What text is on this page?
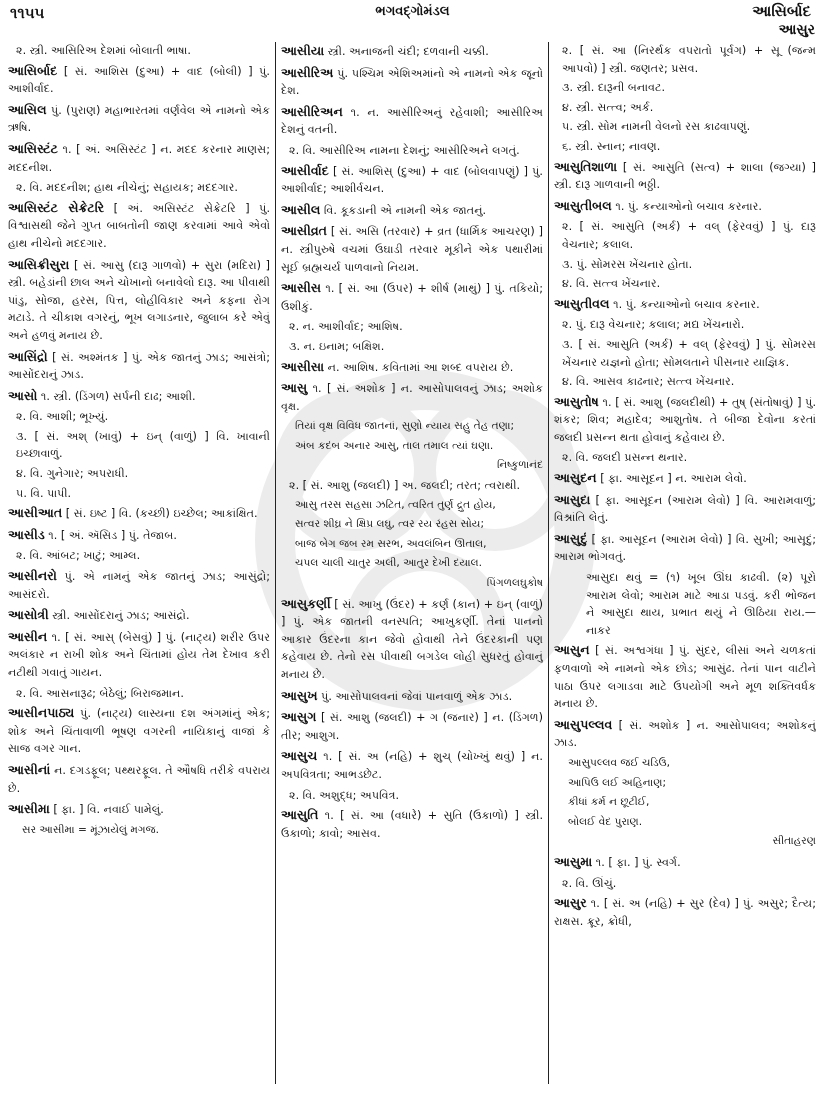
૧૧૫૫	ભગવદ્ગોમંડલ	આસિર્બાદ
આસુર
૨. સ્ત્રી. આસિરિઅ દેશમાં બોલાતી ભાષા.
આસિર્બાદ [ સં. આશિસ (દુઆ) + વાદ (બોલી) ] પું. આશીર્વાદ.
આસિલ પું. (પુરાણ) મહાભારતમાં વર્ણવેલ એ નામનો એક ઋષિ.
આસિસ્ટંટ ૧. [ અં. અસિસ્ટંટ ] ન. મદદ કરનાર માણસ; મદદનીશ.
૨. વિ. મદદનીશ; હાથ નીચેનું; સહાયક; મદદગાર.
આસિસ્ટંટ સેક્રેટરિ [ અં. અસિસ્ટંટ સેક્રેટરિ ] પું. વિશ્વાસથી જેને ગુપ્ત બાબતોની જાણ કરવામાં આવે એવો હાથ નીચેનો મદદગાર.
આસિક્રીસુરા [ સં. આસુ (દારૂ ગાળવો) + સુરા (મદિરા) ] સ્ત્રી. બહેડાંની છાલ અને ચોખાનો બનાવેલો દારૂ. આ પીવાથી પાંડુ, સોજા, હરસ, પિત્ત, લોહીવિકાર અને કફના રોગ મટાડે. તે ચીકાશ વગરનું, ભૂખ લગાડનાર, જુલાબ કરે એવું અને હળવું મનાય છે.
આસિંદ્રો [ સં. અશ્મંતક ] પું. એક જાતનું ઝાડ; આસંત્રો; આસોંદરાનું ઝાડ.
આસો ૧. સ્ત્રી. (ડિંગળ) સર્પની દાઢ; આશી.
૨. વિ. આશી; ભૂખ્યું.
૩. [ સં. અશ્ (ખાવું) + ઇન્ (વાળું) ] વિ. ખાવાની ઇચ્છાવાળું.
૪. વિ. ગુનેગાર; અપરાધી.
૫. વિ. પાપી.
આસીઆત [ સં. ઇષ્ટ ] વિ. (કચ્છી) ઇચ્છેલ; આકાંક્ષિત.
આસીડ ૧. [ અં. ઍસિડ ] પું. તેજાબ.
૨. વિ. આંબટ; ખાટું; આમ્લ.
આસીનરો પું. એ નામનું એક જાતનું ઝાડ; આસુંદ્રો; આસંદરો.
આસોત્રી સ્ત્રી. આસોંદરાનું ઝાડ; આસંદ્રો.
આસીન ૧. [ સં. આસ્ (બેસવું) ] પું. (નાટ્ય) શરીર ઉપર અલંકાર ન રાખી શોક અને ચિંતામાં હોય તેમ દેખાવ કરી નટીથી ગવાતું ગાયન.
૨. વિ. આસનારૂઢ; બેઠેલું; બિરાજમાન.
આસીનપાઠ્ય પું. (નાટ્ય) લાસ્યના દશ અંગમાંનું એક; શોક અને ચિંતાવાળી ભૂષણ વગરની નાયિકાનું વાજાં કે સાજ વગર ગાન.
આસીનાં ન. દગડફૂલ; પથ્થરફૂલ. તે ઔષધિ તરીકે વપરાય છે.
આસીમા [ ફા. ] વિ. નવાઈ પામેલું.
સર આસીમા = મૂંઝાયેલું મગજ.
આસીયા સ્ત્રી. અનાજની ચંદી; દળવાની ચક્કી.
આસીરિઅ પું. પશ્ચિમ એશિઅમાંનો એ નામનો એક જૂનો દેશ.
આસીરિઅન ૧. ન. આસીરિઅનું રહેવાશી; આસીરિઅ દેશનું વતની.
૨. વિ. આસીરિઅ નામના દેશનું; આસીરિઅને લગતું.
આસીર્વાદ [ સં. આશિસ્ (દુઆ) + વાદ (બોલવાપણું) ] પું. આશીર્વાદ; આશીર્વચન.
આસીલ વિ. કૂકડાની એ નામની એક જાતનું.
આસીવ્રત [ સં. અસિ (તરવાર) + વ્રત (ધાર્મિક આચરણ) ] ન. સ્ત્રીપુરુષે વચમાં ઉઘાડી તરવાર મૂકીને એક પથારીમાં સૂઈ બ્રહ્મચર્ય પાળવાનો નિયમ.
આસીસ ૧. [ સં. આ (ઉપર) + શીર્ષ (માથું) ] પું. તકિયો; ઉશીકું.
૨. ન. આશીર્વાદ; આશિષ.
૩. ન. ઇનામ; બક્ષિશ.
આસીસા ન. આશિષ. કવિતામાં આ શબ્દ વપરાય છે.
આસુ ૧. [ સં. અશોક ] ન. આસોપાલવનું ઝાડ; અશોક વૃક્ષ.
તિયાં વૃક્ષ વિવિધ જાતનાં, સુણો ન્યાય સહુ તેહ તણા;
અંબ કદંબ અનાર આસુ, તાલ તમાલ ત્યાં ઘણા.
નિષ્કુળાનંદ
૨. [ સં. આશુ (જલદી) ] અ. જલદી; તરત; ત્વરાથી.
આસુ તરસ સહસા ઝટિત, ત્વરિત તુર્ણ દ્રુત હોય,
સત્વર શીઘ્ર ને ક્ષિપ્ર લઘુ, ત્વર રય રંહસ સોય;
બાજ બેગ જબ રમ સરભ, અવલંબિન ઊતાલ,
ચપલ ચાલી ચાતુર અલી, આતુર દેખી દયાલ.
પિંગળલઘુકોષ
આસુકર્ણી [ સં. આખુ (ઉંદર) + કર્ણ (કાન) + ઇન્ (વાળું) ] પું. એક જાતની વનસ્પતિ; આખુકર્ણી. તેનાં પાનનો આકાર ઉંદરના કાન જેવો હોવાથી તેને ઉંદરકાની પણ કહેવાય છે. તેનો રસ પીવાથી બગડેલ લોહી સુધરતું હોવાનું મનાય છે.
આસુખ પું. આસોપાલવનાં જેવાં પાનવાળું એક ઝાડ.
આસુગ [ સં. આશુ (જલદી) + ગ (જનાર) ] ન. (ડિંગળ) તીર; આશુગ.
આસુચ ૧. [ સં. અ (નહિ) + શુચ્ (ચોખ્ખું થવું) ] ન. અપવિત્રતા; આભડછેટ.
૨. વિ. અશુદ્ધ; અપવિત્ર.
આસુતિ ૧. [ સં. આ (વધારે) + સુતિ (ઉકાળો) ] સ્ત્રી. ઉકાળો; કાવો; આસવ.
૨. [ સં. આ (નિરર્થક વપરાતો પૂર્વગ) + સૂ (જન્મ આપવો) ] સ્ત્રી. જણતર; પ્રસવ.
૩. સ્ત્રી. દારૂની બનાવટ.
૪. સ્ત્રી. સત્ત્વ; અર્ક.
૫. સ્ત્રી. સોમ નામની વેલનો રસ કાઢવાપણું.
૬. સ્ત્રી. સ્નાન; નાવણ.
આસુતિશાળા [ સં. આસુતિ (સત્વ) + શાલા (જગ્યા) ] સ્ત્રી. દારૂ ગાળવાની ભઠ્ઠી.
આસુતીબલ ૧. પું. કન્યાઓનો બચાવ કરનાર.
૨. [ સં. આસુતિ (અર્ક) + વલ્ (ફેરવવું) ] પું. દારૂ વેચનાર; કલાલ.
૩. પું. સોમરસ ખેંચનાર હોતા.
૪. વિ. સત્ત્વ ખેંચનાર.
આસુતીવલ ૧. પું. કન્યાઓનો બચાવ કરનાર.
૨. પું. દારૂ વેચનાર; કલાલ; મદ્ય ખેંચનારો.
૩. [ સં. આસુતિ (અર્ક) + વલ્ (ફેરવવું) ] પું. સોમરસ ખેંચનાર યજ્ઞનો હોતા; સોમલતાને પીસનાર યાજ્ઞિક.
૪. વિ. આસવ કાઢનાર; સત્ત્વ ખેંચનાર.
આસુતોષ ૧. [ સં. આશુ (જલદીથી) + તુષ્ (સંતોષાવું) ] પું. શંકર; શિવ; મહાદેવ; આશુતોષ. તે બીજા દેવોના કરતાં જલદી પ્રસન્ન થતા હોવાનું કહેવાય છે.
૨. વિ. જલદી પ્રસન્ન થનાર.
આસુદન [ ફા. આસૂદન ] ન. આરામ લેવો.
આસુદા [ ફા. આસૂદન (આરામ લેવો) ] વિ. આરામવાળું; વિશ્રાંતિ લેતું.
આસુદું [ ફા. આસૂદન (આરામ લેવો) ] વિ. સુખી; આસૂદું; આરામ ભોગવતું.
આસુદા થવું = (૧) ખૂબ ઊંઘ કાઢવી. (૨) પૂરો આરામ લેવો; આરામ માટે આડા પડવું. કરી ભોજન ને આસુદા થાય, પ્રભાત થયું ને ઊઠિયા રાય.—નાકર
આસુન [ સં. અશ્વગંધા ] પું. સુંદર, લીસાં અને ચળકતાં ફળવાળો એ નામનો એક છોડ; આસુંઢ. તેનાં પાન વાટીને પાઠા ઉપર લગાડવા માટે ઉપયોગી અને મૂળ શક્તિવર્ધક મનાય છે.
આસુપલ્લવ [ સં. અશોક ] ન. આસોપાલવ; અશોકનું ઝાડ.
આસુપલ્લવ જઈ ચડિઉ,
આપિઉ લઈ અહિનાણ;
કીધાં કર્મ ન છૂટીઈ,
બોલઈ વેદ પુરાણ.
સીતાહરણ
આસુમા ૧. [ ફા. ] પું. સ્વર્ગ.
૨. વિ. ઊંચું.
આસુર ૧. [ સં. અ (નહિ) + સુર (દેવ) ] પું. અસુર; દૈત્ય; રાક્ષસ. ક્રૂર, ક્રોધી,
